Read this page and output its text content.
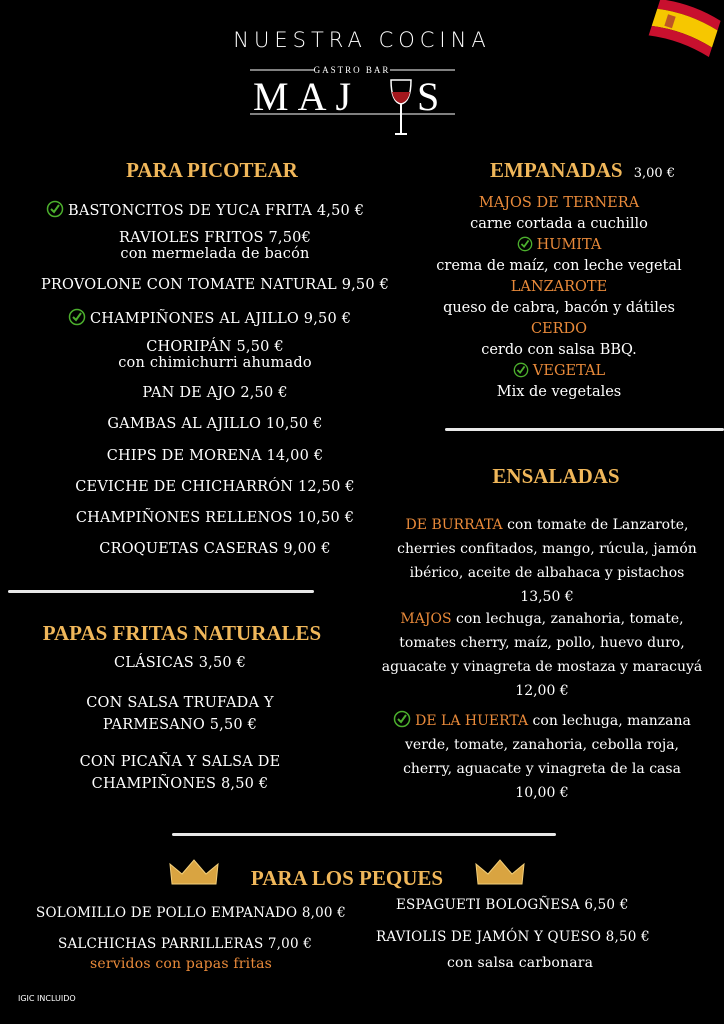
NUESTRA COCINA
GASTRO BAR
MAJ S
PARA PICOTEAR
BASTONCITOS DE YUCA FRITA 4,50 €
RAVIOLES FRITOS 7,50€
con mermelada de bacón
PROVOLONE CON TOMATE NATURAL 9,50 €
CHAMPIÑONES AL AJILLO 9,50 €
CHORIPÁN 5,50 €
con chimichurri ahumado
PAN DE AJO 2,50 €
GAMBAS AL AJILLO 10,50 €
CHIPS DE MORENA 14,00 €
CEVICHE DE CHICHARRÓN 12,50 €
CHAMPIÑONES RELLENOS 10,50 €
CROQUETAS CASERAS 9,00 €
EMPANADAS 3,00 €
MAJOS DE TERNERA
carne cortada a cuchillo
HUMITA
crema de maíz, con leche vegetal
LANZAROTE
queso de cabra, bacón y dátiles
CERDO
cerdo con salsa BBQ.
VEGETAL
Mix de vegetales
ENSALADAS
DE BURRATA con tomate de Lanzarote,
cherries confitados, mango, rúcula, jamón
ibérico, aceite de albahaca y pistachos
13,50 €
MAJOS con lechuga, zanahoria, tomate,
tomates cherry, maíz, pollo, huevo duro,
aguacate y vinagreta de mostaza y maracuyá
12,00 €
DE LA HUERTA con lechuga, manzana
verde, tomate, zanahoria, cebolla roja,
cherry, aguacate y vinagreta de la casa
10,00 €
PAPAS FRITAS NATURALES
CLÁSICAS 3,50 €
CON SALSA TRUFADA Y
PARMESANO 5,50 €
CON PICAÑA Y SALSA DE
CHAMPIÑONES 8,50 €
PARA LOS PEQUES
SOLOMILLO DE POLLO EMPANADO 8,00 €
SALCHICHAS PARRILLERAS 7,00 €
servidos con papas fritas
ESPAGUETI BOLOGÑESA 6,50 €
RAVIOLIS DE JAMÓN Y QUESO 8,50 €
con salsa carbonara
IGIC INCLUIDO
